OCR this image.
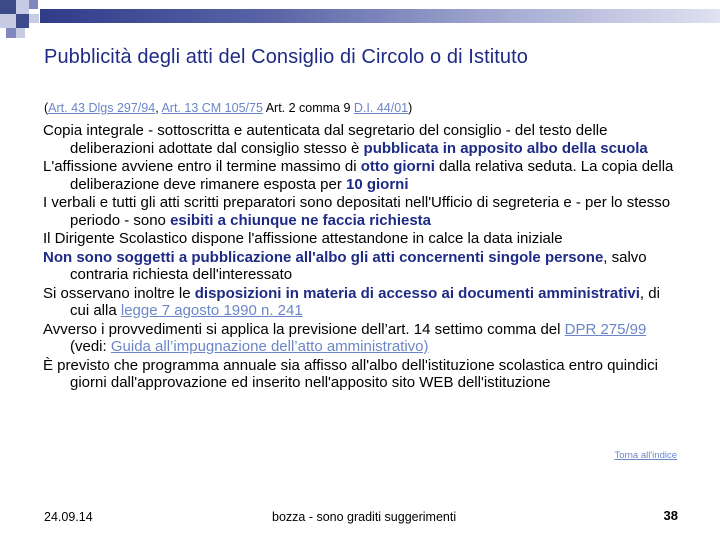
Pubblicità degli atti del Consiglio di Circolo o di Istituto
(Art. 43 Dlgs 297/94, Art. 13 CM 105/75 Art. 2 comma 9 D.I. 44/01)

Copia integrale - sottoscritta e autenticata dal segretario del consiglio - del testo delle deliberazioni adottate dal consiglio stesso è pubblicata in apposito albo della scuola

L'affissione avviene entro il termine massimo di otto giorni dalla relativa seduta. La copia della deliberazione deve rimanere esposta per 10 giorni

I verbali e tutti gli atti scritti preparatori sono depositati nell'Ufficio di segreteria e - per lo stesso periodo - sono esibiti a chiunque ne faccia richiesta

Il Dirigente Scolastico dispone l'affissione attestandone in calce la data iniziale

Non sono soggetti a pubblicazione all'albo gli atti concernenti singole persone, salvo contraria richiesta dell'interessato

Si osservano inoltre le disposizioni in materia di accesso ai documenti amministrativi, di cui alla legge 7 agosto 1990 n. 241

Avverso i provvedimenti si applica la previsione dell’art. 14 settimo comma del DPR 275/99 (vedi: Guida all’impugnazione dell’atto amministrativo)

È previsto che programma annuale sia affisso all'albo dell'istituzione scolastica entro quindici giorni dall'approvazione ed inserito nell'apposito sito WEB dell'istituzione

Torna all'indice
24.09.14	bozza - sono graditi suggerimenti	38
